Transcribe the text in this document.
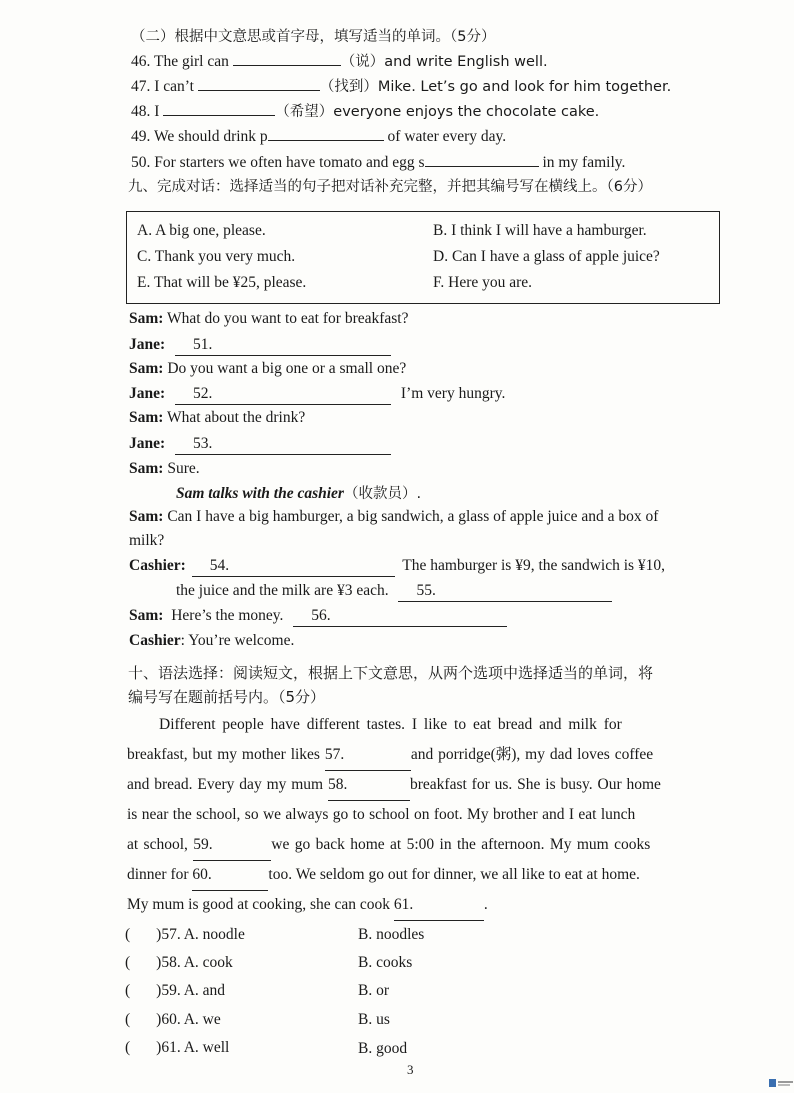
（二）根据中文意思或首字母，填写适当的单词。（5分）
46. The girl can	（说）and write English well.
47. I can’t	（找到）Mike. Let’s go and look for him together.
48. I	（希望）everyone enjoys the chocolate cake.
49. We should drink p	of water every day.
50. For starters we often have tomato and egg s	in my family.
九、完成对话：选择适当的句子把对话补充完整，并把其编号写在横线上。（6分）
A. A big one, please.	B. I think I will have a hamburger.
C. Thank you very much.	D. Can I have a glass of apple juice?
E. That will be ¥25, please.	F. Here you are.
Sam: What do you want to eat for breakfast?
Jane: 51.
Sam: Do you want a big one or a small one?
Jane: 52.	I’m very hungry.
Sam: What about the drink?
Jane: 53.
Sam: Sure.
Sam talks with the cashier（收款员）.
Sam: Can I have a big hamburger, a big sandwich, a glass of apple juice and a box of
milk?
Cashier: 54.	The hamburger is ¥9, the sandwich is ¥10,
the juice and the milk are ¥3 each. 55.
Sam:  Here’s the money. 56.
Cashier: You’re welcome.
十、语法选择：阅读短文，根据上下文意思，从两个选项中选择适当的单词，将
编号写在题前括号内。（5分）
Different people have different tastes. I like to eat bread and milk for
breakfast, but my mother likes 57.	and porridge(粥), my dad loves coffee
and bread. Every day my mum 58.	breakfast for us. She is busy. Our home
is near the school, so we always go to school on foot. My brother and I eat lunch
at school, 59.	we go back home at 5:00 in the afternoon. My mum cooks
dinner for 60.	too. We seldom go out for dinner, we all like to eat at home.
My mum is good at cooking, she can cook 61.	.
( )57. A. noodle	B. noodles
( )58. A. cook	B. cooks
( )59. A. and	B. or
( )60. A. we	B. us
( )61. A. well	B. good
3
